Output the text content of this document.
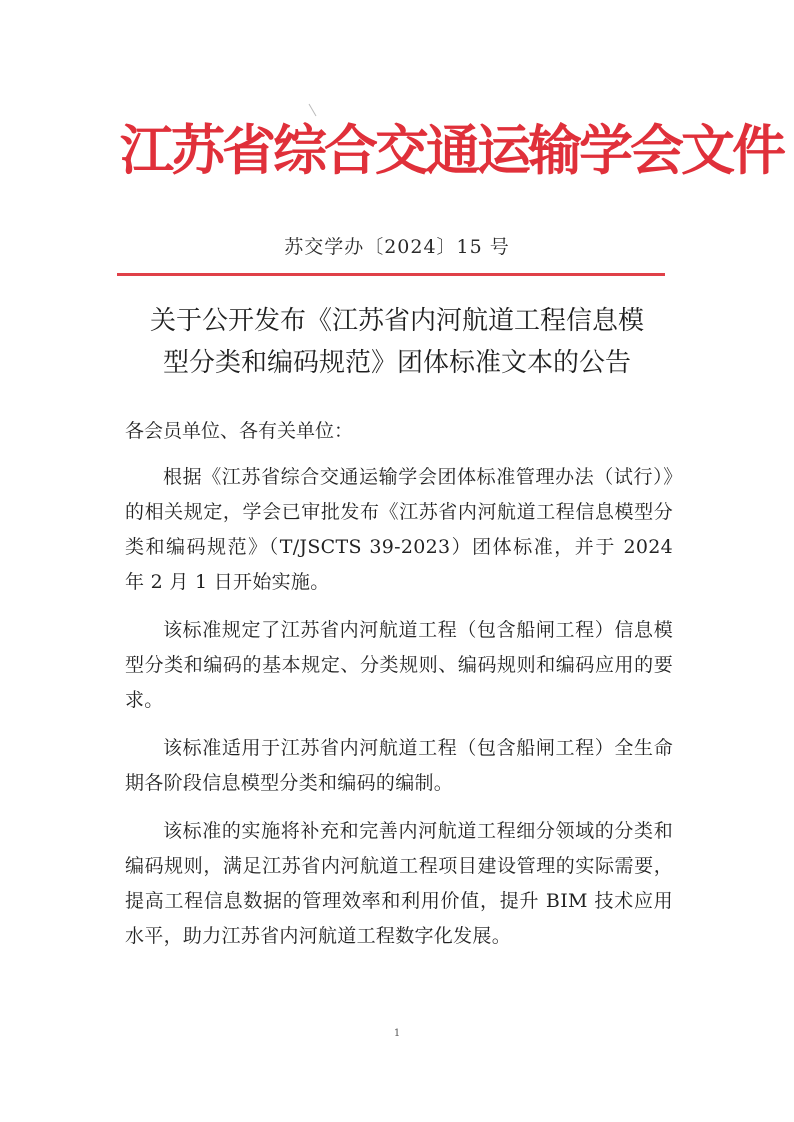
江苏省综合交通运输学会文件
苏交学办〔2024〕15 号
关于公开发布《江苏省内河航道工程信息模
型分类和编码规范》团体标准文本的公告
各会员单位、各有关单位：

根据《江苏省综合交通运输学会团体标准管理办法（试行）》的相关规定，学会已审批发布《江苏省内河航道工程信息模型分类和编码规范》（T/JSCTS 39-2023）团体标准，并于 2024 年 2 月 1 日开始实施。

该标准规定了江苏省内河航道工程（包含船闸工程）信息模型分类和编码的基本规定、分类规则、编码规则和编码应用的要求。

该标准适用于江苏省内河航道工程（包含船闸工程）全生命期各阶段信息模型分类和编码的编制。

该标准的实施将补充和完善内河航道工程细分领域的分类和编码规则，满足江苏省内河航道工程项目建设管理的实际需要，提高工程信息数据的管理效率和利用价值，提升 BIM 技术应用水平，助力江苏省内河航道工程数字化发展。

1
